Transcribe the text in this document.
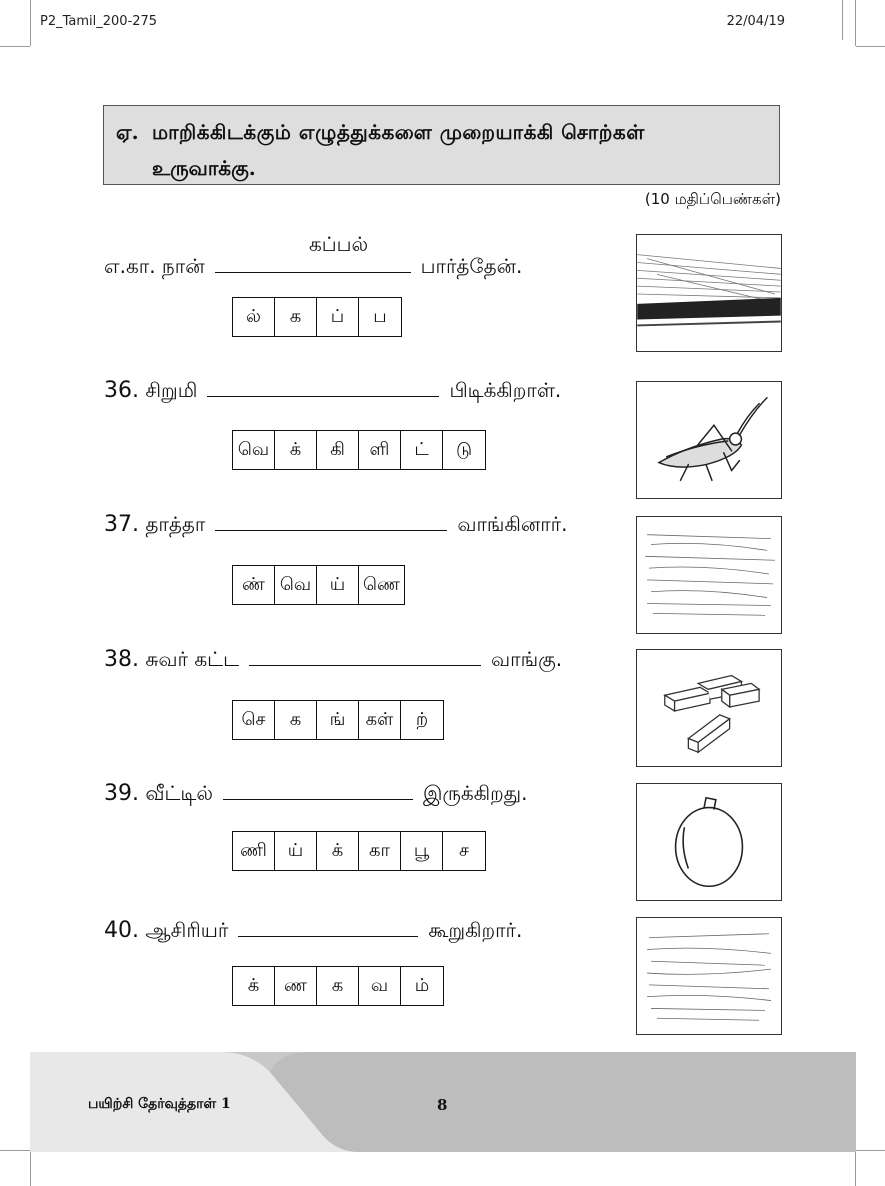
P2_Tamil_200-275	22/04/19
ஏ. மாறிக்கிடக்கும் எழுத்துக்களை முறையாக்கி சொற்கள்
உருவாக்கு.
(10 மதிப்பெண்கள்)
கப்பல்
எ.கா. நான்	பார்த்தேன்.
ல்	க	ப்	ப
36. சிறுமி	பிடிக்கிறாள்.
வெ	க்	கி	ளி	ட்	டு
37. தாத்தா	வாங்கினார்.
ண் வெ	ய் ணெ
38. சுவர் கட்ட	வாங்கு.
செ	க	ங்	கள்	ற்
39. வீட்டில்	இருக்கிறது.
ணி	ய்	க்	கா	பூ	ச
40. ஆசிரியர்	கூறுகிறார்.
க்	ண	க	வ	ம்
பயிற்சி தேர்வுத்தாள் 1	8
